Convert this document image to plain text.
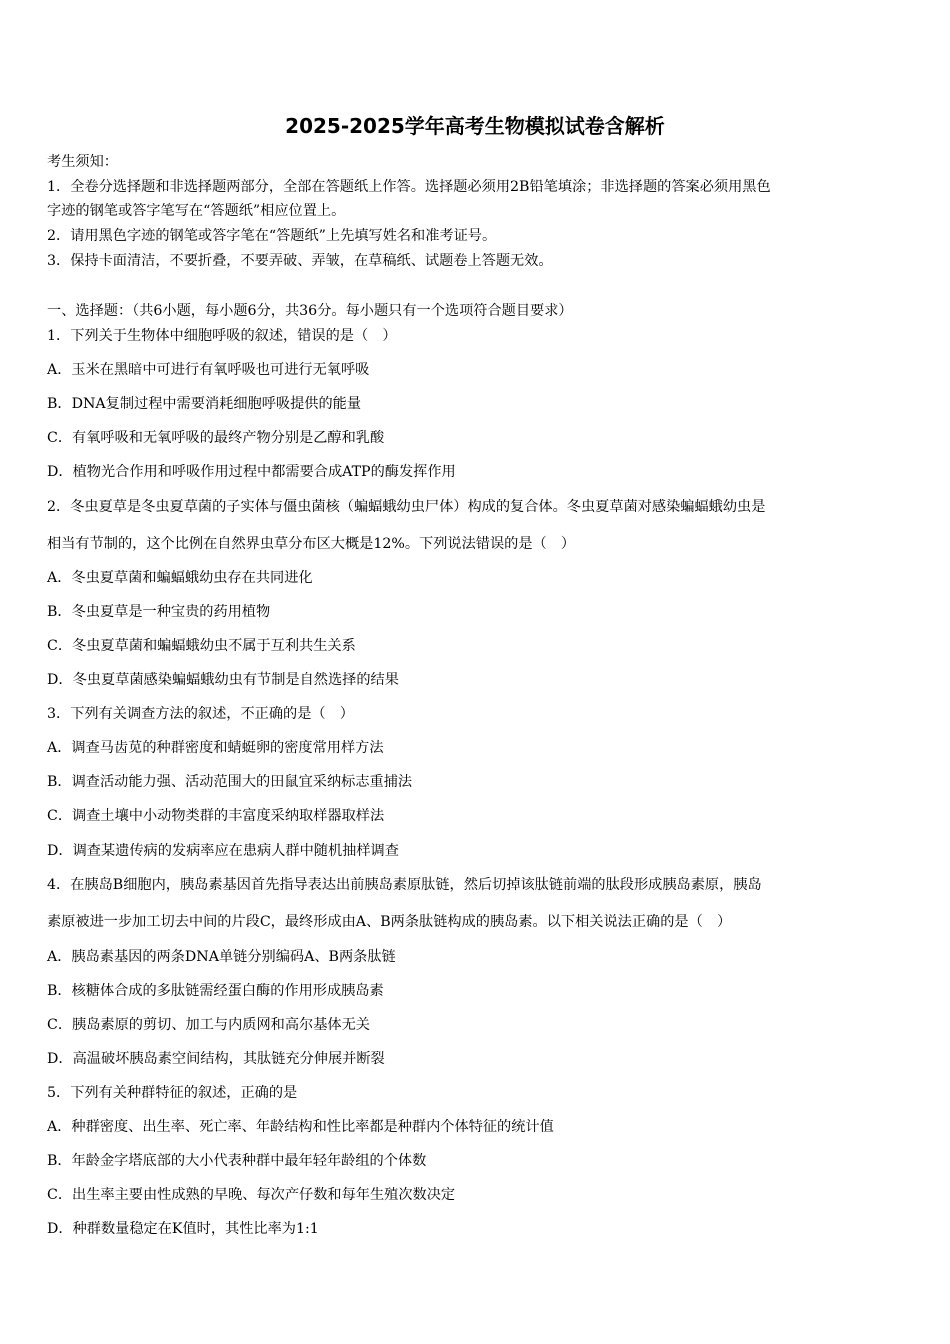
2025-2025学年高考生物模拟试卷含解析
考生须知：
1．全卷分选择题和非选择题两部分，全部在答题纸上作答。选择题必须用2B铅笔填涂；非选择题的答案必须用黑色
字迹的钢笔或答字笔写在“答题纸”相应位置上。
2．请用黑色字迹的钢笔或答字笔在“答题纸”上先填写姓名和准考证号。
3．保持卡面清洁，不要折叠，不要弄破、弄皱，在草稿纸、试题卷上答题无效。
一、选择题：（共6小题，每小题6分，共36分。每小题只有一个选项符合题目要求）
1．下列关于生物体中细胞呼吸的叙述，错误的是（　）
A．玉米在黑暗中可进行有氧呼吸也可进行无氧呼吸
B．DNA复制过程中需要消耗细胞呼吸提供的能量
C．有氧呼吸和无氧呼吸的最终产物分别是乙醇和乳酸
D．植物光合作用和呼吸作用过程中都需要合成ATP的酶发挥作用
2．冬虫夏草是冬虫夏草菌的子实体与僵虫菌核（蝙蝠蛾幼虫尸体）构成的复合体。冬虫夏草菌对感染蝙蝠蛾幼虫是
相当有节制的，这个比例在自然界虫草分布区大概是12%。下列说法错误的是（　）
A．冬虫夏草菌和蝙蝠蛾幼虫存在共同进化
B．冬虫夏草是一种宝贵的药用植物
C．冬虫夏草菌和蝙蝠蛾幼虫不属于互利共生关系
D．冬虫夏草菌感染蝙蝠蛾幼虫有节制是自然选择的结果
3．下列有关调查方法的叙述，不正确的是（　）
A．调查马齿苋的种群密度和蜻蜓卵的密度常用样方法
B．调查活动能力强、活动范围大的田鼠宜采纳标志重捕法
C．调查土壤中小动物类群的丰富度采纳取样器取样法
D．调查某遗传病的发病率应在患病人群中随机抽样调查
4．在胰岛B细胞内，胰岛素基因首先指导表达出前胰岛素原肽链，然后切掉该肽链前端的肽段形成胰岛素原，胰岛
素原被进一步加工切去中间的片段C，最终形成由A、B两条肽链构成的胰岛素。以下相关说法正确的是（　）
A．胰岛素基因的两条DNA单链分别编码A、B两条肽链
B．核糖体合成的多肽链需经蛋白酶的作用形成胰岛素
C．胰岛素原的剪切、加工与内质网和高尔基体无关
D．高温破坏胰岛素空间结构，其肽链充分伸展并断裂
5．下列有关种群特征的叙述，正确的是
A．种群密度、出生率、死亡率、年龄结构和性比率都是种群内个体特征的统计值
B．年龄金字塔底部的大小代表种群中最年轻年龄组的个体数
C．出生率主要由性成熟的早晚、每次产仔数和每年生殖次数决定
D．种群数量稳定在K值时，其性比率为1:1
